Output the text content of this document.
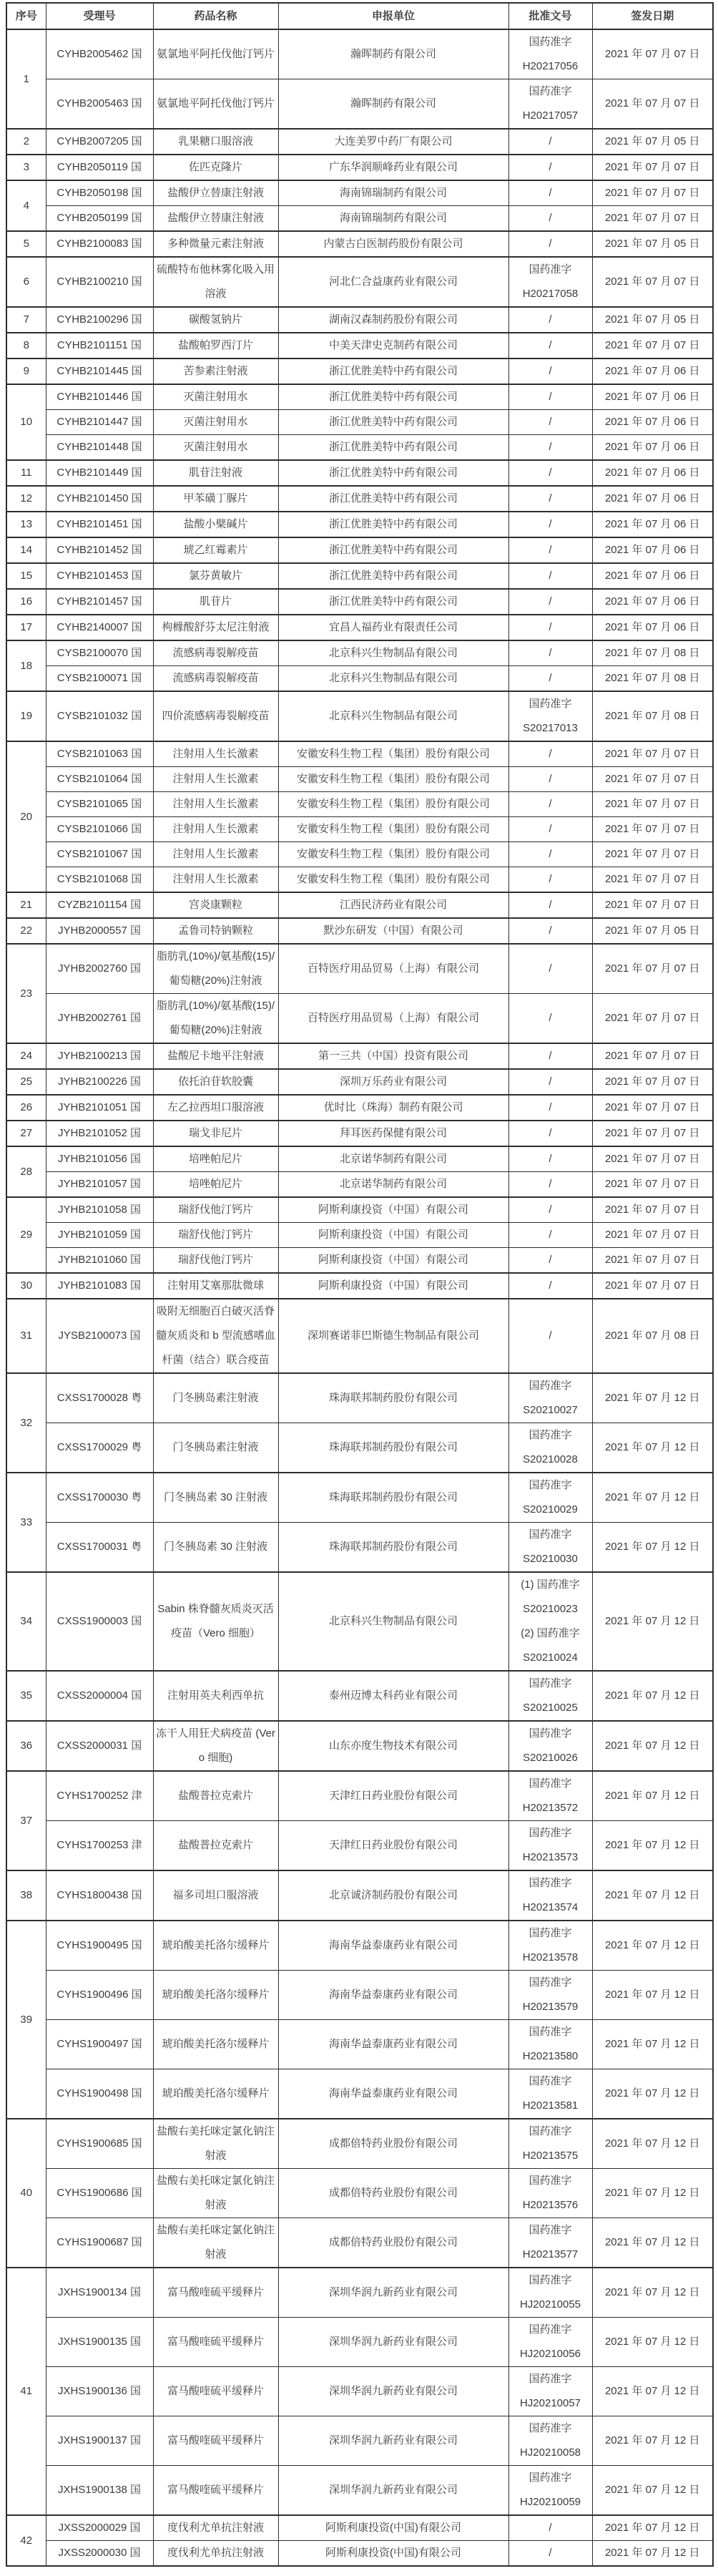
序号	受理号	药品名称	申报单位	批准文号	签发日期
1	CYHB2005462 国	氨氯地平阿托伐他汀钙片	瀚晖制药有限公司	国药准字
H20217056	2021 年 07 月 07 日
	CYHB2005463 国	氨氯地平阿托伐他汀钙片	瀚晖制药有限公司	国药准字
H20217057	2021 年 07 月 07 日
2	CYHB2007205 国	乳果糖口服溶液	大连美罗中药厂有限公司	/	2021 年 07 月 05 日
3	CYHB2050119 国	佐匹克隆片	广东华润顺峰药业有限公司	/	2021 年 07 月 07 日
4	CYHB2050198 国	盐酸伊立替康注射液	海南锦瑞制药有限公司	/	2021 年 07 月 07 日
	CYHB2050199 国	盐酸伊立替康注射液	海南锦瑞制药有限公司	/	2021 年 07 月 07 日
5	CYHB2100083 国	多种微量元素注射液	内蒙古白医制药股份有限公司	/	2021 年 07 月 05 日
6	CYHB2100210 国	硫酸特布他林雾化吸入用溶液	河北仁合益康药业有限公司	国药准字
H20217058	2021 年 07 月 07 日
7	CYHB2100296 国	碳酸氢钠片	湖南汉森制药股份有限公司	/	2021 年 07 月 05 日
8	CYHB2101151 国	盐酸帕罗西汀片	中美天津史克制药有限公司	/	2021 年 07 月 07 日
9	CYHB2101445 国	苦参素注射液	浙江优胜美特中药有限公司	/	2021 年 07 月 06 日
10	CYHB2101446 国	灭菌注射用水	浙江优胜美特中药有限公司	/	2021 年 07 月 06 日
	CYHB2101447 国	灭菌注射用水	浙江优胜美特中药有限公司	/	2021 年 07 月 06 日
	CYHB2101448 国	灭菌注射用水	浙江优胜美特中药有限公司	/	2021 年 07 月 06 日
11	CYHB2101449 国	肌苷注射液	浙江优胜美特中药有限公司	/	2021 年 07 月 06 日
12	CYHB2101450 国	甲苯磺丁脲片	浙江优胜美特中药有限公司	/	2021 年 07 月 06 日
13	CYHB2101451 国	盐酸小檗碱片	浙江优胜美特中药有限公司	/	2021 年 07 月 06 日
14	CYHB2101452 国	琥乙红霉素片	浙江优胜美特中药有限公司	/	2021 年 07 月 06 日
15	CYHB2101453 国	氯芬黄敏片	浙江优胜美特中药有限公司	/	2021 年 07 月 06 日
16	CYHB2101457 国	肌苷片	浙江优胜美特中药有限公司	/	2021 年 07 月 06 日
17	CYHB2140007 国	枸橼酸舒芬太尼注射液	宜昌人福药业有限责任公司	/	2021 年 07 月 06 日
18	CYSB2100070 国	流感病毒裂解疫苗	北京科兴生物制品有限公司	/	2021 年 07 月 08 日
	CYSB2100071 国	流感病毒裂解疫苗	北京科兴生物制品有限公司	/	2021 年 07 月 08 日
19	CYSB2101032 国	四价流感病毒裂解疫苗	北京科兴生物制品有限公司	国药准字
S20217013	2021 年 07 月 08 日
20	CYSB2101063 国	注射用人生长激素	安徽安科生物工程（集团）股份有限公司	/	2021 年 07 月 07 日
	CYSB2101064 国	注射用人生长激素	安徽安科生物工程（集团）股份有限公司	/	2021 年 07 月 07 日
	CYSB2101065 国	注射用人生长激素	安徽安科生物工程（集团）股份有限公司	/	2021 年 07 月 07 日
	CYSB2101066 国	注射用人生长激素	安徽安科生物工程（集团）股份有限公司	/	2021 年 07 月 07 日
	CYSB2101067 国	注射用人生长激素	安徽安科生物工程（集团）股份有限公司	/	2021 年 07 月 07 日
	CYSB2101068 国	注射用人生长激素	安徽安科生物工程（集团）股份有限公司	/	2021 年 07 月 07 日
21	CYZB2101154 国	宫炎康颗粒	江西民济药业有限公司	/	2021 年 07 月 07 日
22	JYHB2000557 国	孟鲁司特钠颗粒	默沙东研发（中国）有限公司	/	2021 年 07 月 05 日
23	JYHB2002760 国	脂肪乳(10%)/氨基酸(15)/葡萄糖(20%)注射液	百特医疗用品贸易（上海）有限公司	/	2021 年 07 月 07 日
	JYHB2002761 国	脂肪乳(10%)/氨基酸(15)/葡萄糖(20%)注射液	百特医疗用品贸易（上海）有限公司	/	2021 年 07 月 07 日
24	JYHB2100213 国	盐酸尼卡地平注射液	第一三共（中国）投资有限公司	/	2021 年 07 月 07 日
25	JYHB2100226 国	依托泊苷软胶囊	深圳万乐药业有限公司	/	2021 年 07 月 07 日
26	JYHB2101051 国	左乙拉西坦口服溶液	优时比（珠海）制药有限公司	/	2021 年 07 月 07 日
27	JYHB2101052 国	瑞戈非尼片	拜耳医药保健有限公司	/	2021 年 07 月 07 日
28	JYHB2101056 国	培唑帕尼片	北京诺华制药有限公司	/	2021 年 07 月 07 日
	JYHB2101057 国	培唑帕尼片	北京诺华制药有限公司	/	2021 年 07 月 07 日
29	JYHB2101058 国	瑞舒伐他汀钙片	阿斯利康投资（中国）有限公司	/	2021 年 07 月 07 日
	JYHB2101059 国	瑞舒伐他汀钙片	阿斯利康投资（中国）有限公司	/	2021 年 07 月 07 日
	JYHB2101060 国	瑞舒伐他汀钙片	阿斯利康投资（中国）有限公司	/	2021 年 07 月 07 日
30	JYHB2101083 国	注射用艾塞那肽微球	阿斯利康投资（中国）有限公司	/	2021 年 07 月 07 日
31	JYSB2100073 国	吸附无细胞百白破灭活脊髓灰质炎和 b 型流感嗜血杆菌（结合）联合疫苗	深圳赛诺菲巴斯德生物制品有限公司	/	2021 年 07 月 08 日
32	CXSS1700028 粤	门冬胰岛素注射液	珠海联邦制药股份有限公司	国药准字
S20210027	2021 年 07 月 12 日
	CXSS1700029 粤	门冬胰岛素注射液	珠海联邦制药股份有限公司	国药准字
S20210028	2021 年 07 月 12 日
33	CXSS1700030 粤	门冬胰岛素 30 注射液	珠海联邦制药股份有限公司	国药准字
S20210029	2021 年 07 月 12 日
	CXSS1700031 粤	门冬胰岛素 30 注射液	珠海联邦制药股份有限公司	国药准字
S20210030	2021 年 07 月 12 日
34	CXSS1900003 国	Sabin 株脊髓灰质炎灭活疫苗（Vero 细胞）	北京科兴生物制品有限公司	(1) 国药准字
S20210023
(2) 国药准字
S20210024	2021 年 07 月 12 日
35	CXSS2000004 国	注射用英夫利西单抗	泰州迈博太科药业有限公司	国药准字
S20210025	2021 年 07 月 12 日
36	CXSS2000031 国	冻干人用狂犬病疫苗 (Vero 细胞)	山东亦度生物技术有限公司	国药准字
S20210026	2021 年 07 月 12 日
37	CYHS1700252 津	盐酸普拉克索片	天津红日药业股份有限公司	国药准字
H20213572	2021 年 07 月 12 日
	CYHS1700253 津	盐酸普拉克索片	天津红日药业股份有限公司	国药准字
H20213573	2021 年 07 月 12 日
38	CYHS1800438 国	福多司坦口服溶液	北京诚济制药股份有限公司	国药准字
H20213574	2021 年 07 月 12 日
39	CYHS1900495 国	琥珀酸美托洛尔缓释片	海南华益泰康药业有限公司	国药准字
H20213578	2021 年 07 月 12 日
	CYHS1900496 国	琥珀酸美托洛尔缓释片	海南华益泰康药业有限公司	国药准字
H20213579	2021 年 07 月 12 日
	CYHS1900497 国	琥珀酸美托洛尔缓释片	海南华益泰康药业有限公司	国药准字
H20213580	2021 年 07 月 12 日
	CYHS1900498 国	琥珀酸美托洛尔缓释片	海南华益泰康药业有限公司	国药准字
H20213581	2021 年 07 月 12 日
40	CYHS1900685 国	盐酸右美托咪定氯化钠注射液	成都倍特药业股份有限公司	国药准字
H20213575	2021 年 07 月 12 日
	CYHS1900686 国	盐酸右美托咪定氯化钠注射液	成都倍特药业股份有限公司	国药准字
H20213576	2021 年 07 月 12 日
	CYHS1900687 国	盐酸右美托咪定氯化钠注射液	成都倍特药业股份有限公司	国药准字
H20213577	2021 年 07 月 12 日
41	JXHS1900134 国	富马酸喹硫平缓释片	深圳华润九新药业有限公司	国药准字
HJ20210055	2021 年 07 月 12 日
	JXHS1900135 国	富马酸喹硫平缓释片	深圳华润九新药业有限公司	国药准字
HJ20210056	2021 年 07 月 12 日
	JXHS1900136 国	富马酸喹硫平缓释片	深圳华润九新药业有限公司	国药准字
HJ20210057	2021 年 07 月 12 日
	JXHS1900137 国	富马酸喹硫平缓释片	深圳华润九新药业有限公司	国药准字
HJ20210058	2021 年 07 月 12 日
	JXHS1900138 国	富马酸喹硫平缓释片	深圳华润九新药业有限公司	国药准字
HJ20210059	2021 年 07 月 12 日
42	JXSS2000029 国	度伐利尤单抗注射液	阿斯利康投资(中国)有限公司	/	2021 年 07 月 12 日
	JXSS2000030 国	度伐利尤单抗注射液	阿斯利康投资(中国)有限公司	/	2021 年 07 月 12 日
